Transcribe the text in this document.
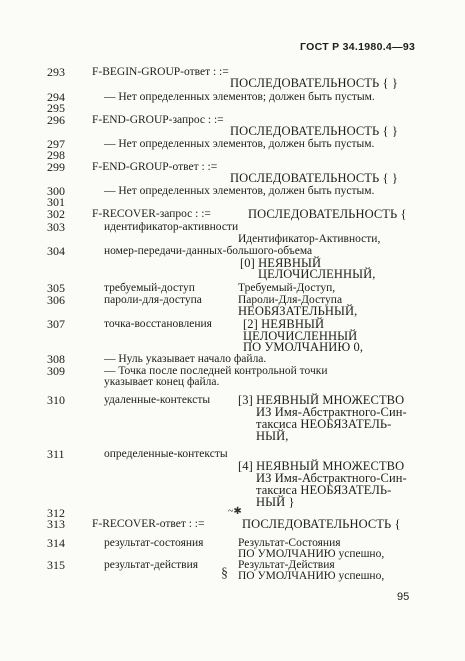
ГОСТ Р 34.1980.4—93
293 F-BEGIN-GROUP-ответ : :=
ПОСЛЕДОВАТЕЛЬНОСТЬ { }
294	— Нет определенных элементов; должен быть пустым.
295
296 F-END-GROUP-запрос : :=
ПОСЛЕДОВАТЕЛЬНОСТЬ { }
297	— Нет определенных элементов, должен быть пустым.
298
299 F-END-GROUP-ответ : :=
ПОСЛЕДОВАТЕЛЬНОСТЬ { }
300	— Нет определенных элементов, должен быть пустым.
301
302 F-RECOVER-запрос : :=	ПОСЛЕДОВАТЕЛЬНОСТЬ {
303	идентификатор-активности
Идентификатор-Активности,
304	номер-передачи-данных-большого-объема
[0] НЕЯВНЫЙ
ЦЕЛОЧИСЛЕННЫЙ,
305	требуемый-доступ	Требуемый-Доступ,
306	пароли-для-доступа	Пароли-Для-Доступа
НЕОБЯЗАТЕЛЬНЫЙ,
307	точка-восстановления [2] НЕЯВНЫЙ
ЦЕЛОЧИСЛЕННЫЙ
ПО УМОЛЧАНИЮ 0,
308	— Нуль указывает начало файла.
309	— Точка после последней контрольной точки
указывает конец файла.
310	удаленные-контексты [3] НЕЯВНЫЙ МНОЖЕСТВО
ИЗ Имя-Абстрактного-Син-
таксиса НЕОБЯЗАТЕЛЬ-
НЫЙ,
311	определенные-контексты
[4] НЕЯВНЫЙ МНОЖЕСТВО
ИЗ Имя-Абстрактного-Син-
таксиса НЕОБЯЗАТЕЛЬ-
НЫЙ }
312	~✱
313 F-RECOVER-ответ : :=	ПОСЛЕДОВАТЕЛЬНОСТЬ {
314	результат-состояния	Результат-Состояния
ПО УМОЛЧАНИЮ успешно,
315	результат-действия	Результат-Действия
§ ПО УМОЛЧАНИЮ успешно,
95
